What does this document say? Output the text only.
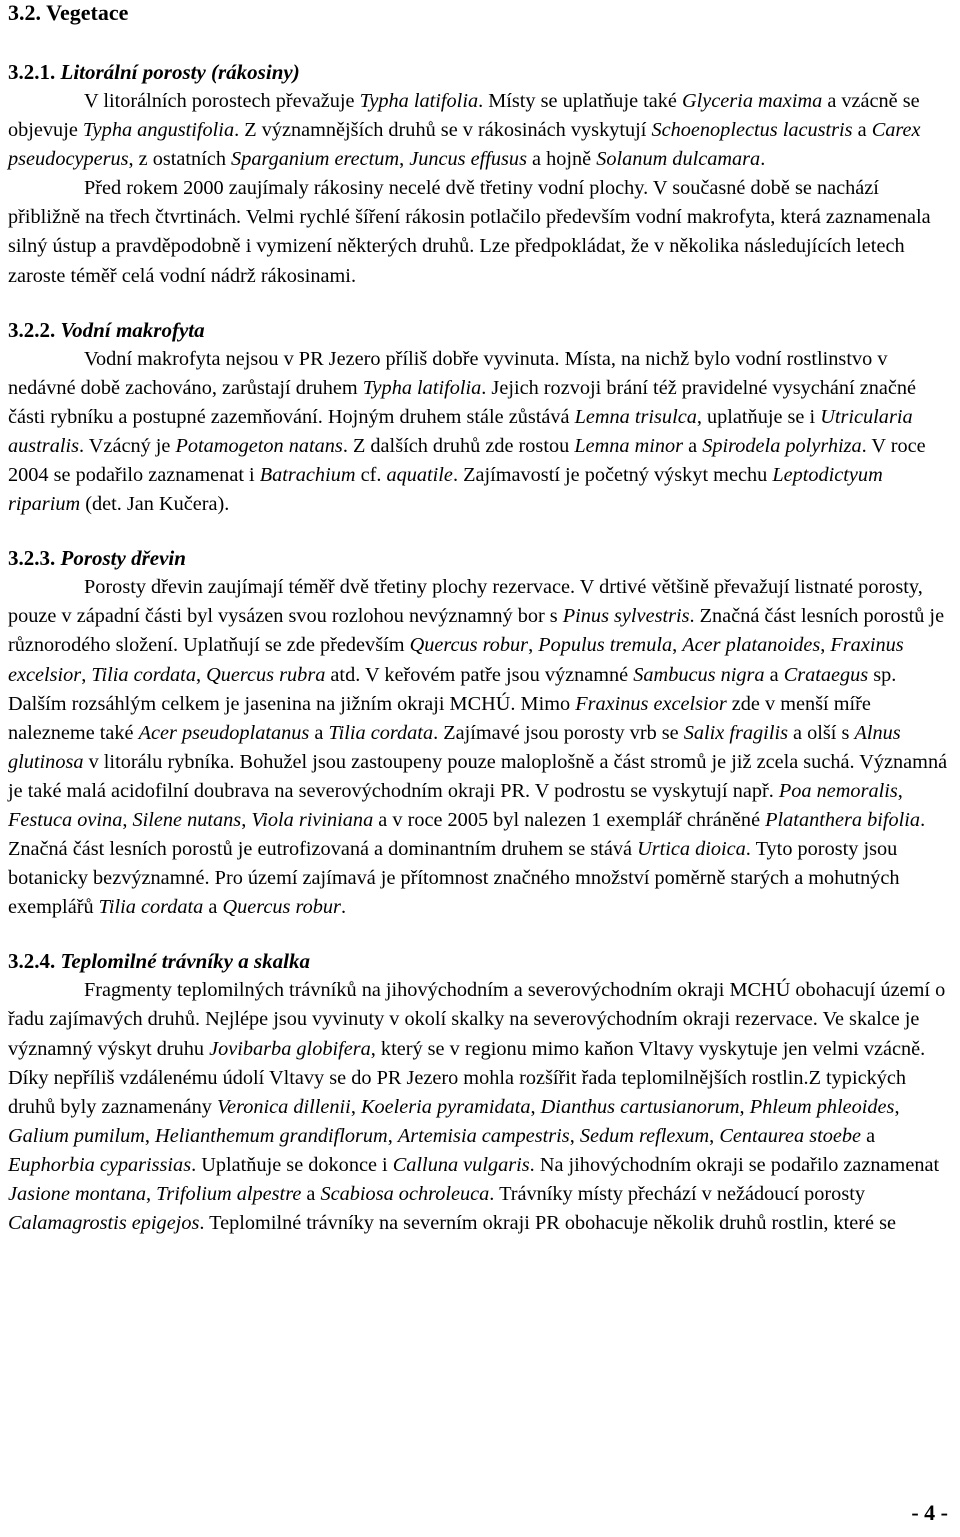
3.2. Vegetace
3.2.1. Litorální porosty (rákosiny)

V litorálních porostech převažuje Typha latifolia. Místy se uplatňuje také Glyceria maxima a vzácně se objevuje Typha angustifolia. Z významnějších druhů se v rákosinách vyskytují Schoenoplectus lacustris a Carex pseudocyperus, z ostatních Sparganium erectum, Juncus effusus a hojně Solanum dulcamara.

Před rokem 2000 zaujímaly rákosiny necelé dvě třetiny vodní plochy. V současné době se nachází přibližně na třech čtvrtinách. Velmi rychlé šíření rákosin potlačilo především vodní makrofyta, která zaznamenala silný ústup a pravděpodobně i vymizení některých druhů. Lze předpokládat, že v několika následujících letech zaroste téměř celá vodní nádrž rákosinami.

3.2.2. Vodní makrofyta

Vodní makrofyta nejsou v PR Jezero příliš dobře vyvinuta. Místa, na nichž bylo vodní rostlinstvo v nedávné době zachováno, zarůstají druhem Typha latifolia. Jejich rozvoji brání též pravidelné vysychání značné části rybníku a postupné zazemňování. Hojným druhem stále zůstává Lemna trisulca, uplatňuje se i Utricularia australis. Vzácný je Potamogeton natans. Z dalších druhů zde rostou Lemna minor a Spirodela polyrhiza. V roce 2004 se podařilo zaznamenat i Batrachium cf. aquatile. Zajímavostí je početný výskyt mechu Leptodictyum riparium (det. Jan Kučera).

3.2.3. Porosty dřevin

Porosty dřevin zaujímají téměř dvě třetiny plochy rezervace. V drtivé většině převažují listnaté porosty, pouze v západní části byl vysázen svou rozlohou nevýznamný bor s Pinus sylvestris. Značná část lesních porostů je různorodého složení. Uplatňují se zde především Quercus robur, Populus tremula, Acer platanoides, Fraxinus excelsior, Tilia cordata, Quercus rubra atd. V keřovém patře jsou významné Sambucus nigra a Crataegus sp. Dalším rozsáhlým celkem je jasenina na jižním okraji MCHÚ. Mimo Fraxinus excelsior zde v menší míře nalezneme také Acer pseudoplatanus a Tilia cordata. Zajímavé jsou porosty vrb se Salix fragilis a olší s Alnus glutinosa v litorálu rybníka. Bohužel jsou zastoupeny pouze maloplošně a část stromů je již zcela suchá. Významná je také malá acidofilní doubrava na severovýchodním okraji PR. V podrostu se vyskytují např. Poa nemoralis, Festuca ovina, Silene nutans, Viola riviniana a v roce 2005 byl nalezen 1 exemplář chráněné Platanthera bifolia. Značná část lesních porostů je eutrofizovaná a dominantním druhem se stává Urtica dioica. Tyto porosty jsou botanicky bezvýznamné. Pro území zajímavá je přítomnost značného množství poměrně starých a mohutných exemplářů Tilia cordata a Quercus robur.

3.2.4. Teplomilné trávníky a skalka

Fragmenty teplomilných trávníků na jihovýchodním a severovýchodním okraji MCHÚ obohacují území o řadu zajímavých druhů. Nejlépe jsou vyvinuty v okolí skalky na severovýchodním okraji rezervace. Ve skalce je významný výskyt druhu Jovibarba globifera, který se v regionu mimo kaňon Vltavy vyskytuje jen velmi vzácně. Díky nepříliš vzdálenému údolí Vltavy se do PR Jezero mohla rozšířit řada teplomilnějších rostlin.Z typických druhů byly zaznamenány Veronica dillenii, Koeleria pyramidata, Dianthus cartusianorum, Phleum phleoides, Galium pumilum, Helianthemum grandiflorum, Artemisia campestris, Sedum reflexum, Centaurea stoebe a Euphorbia cyparissias. Uplatňuje se dokonce i Calluna vulgaris. Na jihovýchodním okraji se podařilo zaznamenat Jasione montana, Trifolium alpestre a Scabiosa ochroleuca. Trávníky místy přechází v nežádoucí porosty Calamagrostis epigejos. Teplomilné trávníky na severním okraji PR obohacuje několik druhů rostlin, které se

- 4 -
